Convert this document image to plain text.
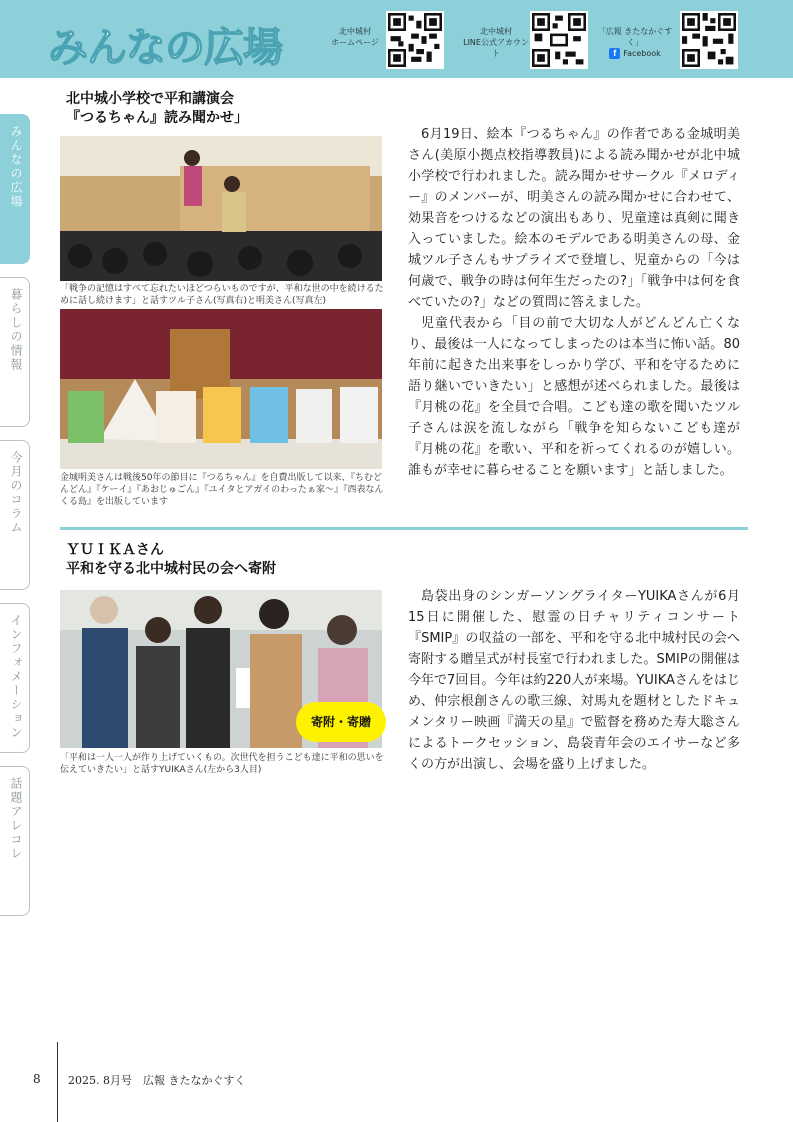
みんなの広場	北中城村
ホームページ
北中城村
LINE公式アカウント
「広報 きたなかぐすく」
f Facebook
みんなの広場
暮らしの情報
今月のコラム
インフォメーション
話題アレコレ
北中城小学校で平和講演会
『つるちゃん』読み聞かせ」
「戦争の記憶はすべて忘れたいほどつらいものですが、平和な世の中を続けるために話し続けます」と話すツル子さん(写真右)と明美さん(写真左)
金城明美さんは戦後50年の節目に『つるちゃん』を自費出版して以来、『ちむどんどん』『ケーイ』『あおじゅごん』『ユイタとアガイのわったぁ家〜』『西表なんくる島』を出版しています

6月19日、絵本『つるちゃん』の作者である金城明美さん(美原小拠点校指導教員)による読み聞かせが北中城小学校で行われました。読み聞かせサークル『メロディー』のメンバーが、明美さんの読み聞かせに合わせて、効果音をつけるなどの演出もあり、児童達は真剣に聞き入っていました。絵本のモデルである明美さんの母、金城ツル子さんもサプライズで登壇し、児童からの「今は何歳で、戦争の時は何年生だったの?」「戦争中は何を食べていたの?」などの質問に答えました。

児童代表から「目の前で大切な人がどんどん亡くなり、最後は一人になってしまったのは本当に怖い話。80年前に起きた出来事をしっかり学び、平和を守るために語り継いでいきたい」と感想が述べられました。最後は『月桃の花』を全員で合唱。こども達の歌を聞いたツル子さんは涙を流しながら「戦争を知らないこども達が『月桃の花』を歌い、平和を祈ってくれるのが嬉しい。誰もが幸せに暮らせることを願います」と話しました。

ＹＵＩＫＡさん
平和を守る北中城村民の会へ寄附
寄附・寄贈
「平和は一人一人が作り上げていくもの。次世代を担うこども達に平和の思いを伝えていきたい」と話すYUIKAさん(左から3人目)

島袋出身のシンガーソングライターYUIKAさんが6月15日に開催した、慰霊の日チャリティコンサート『SMIP』の収益の一部を、平和を守る北中城村民の会へ寄附する贈呈式が村長室で行われました。SMIPの開催は今年で7回目。今年は約220人が来場。YUIKAさんをはじめ、仲宗根創さんの歌三線、対馬丸を題材としたドキュメンタリー映画『満天の星』で監督を務めた寿大聡さんによるトークセッション、島袋青年会のエイサーなど多くの方が出演し、会場を盛り上げました。

8 2025. 8月号　広報 きたなかぐすく
